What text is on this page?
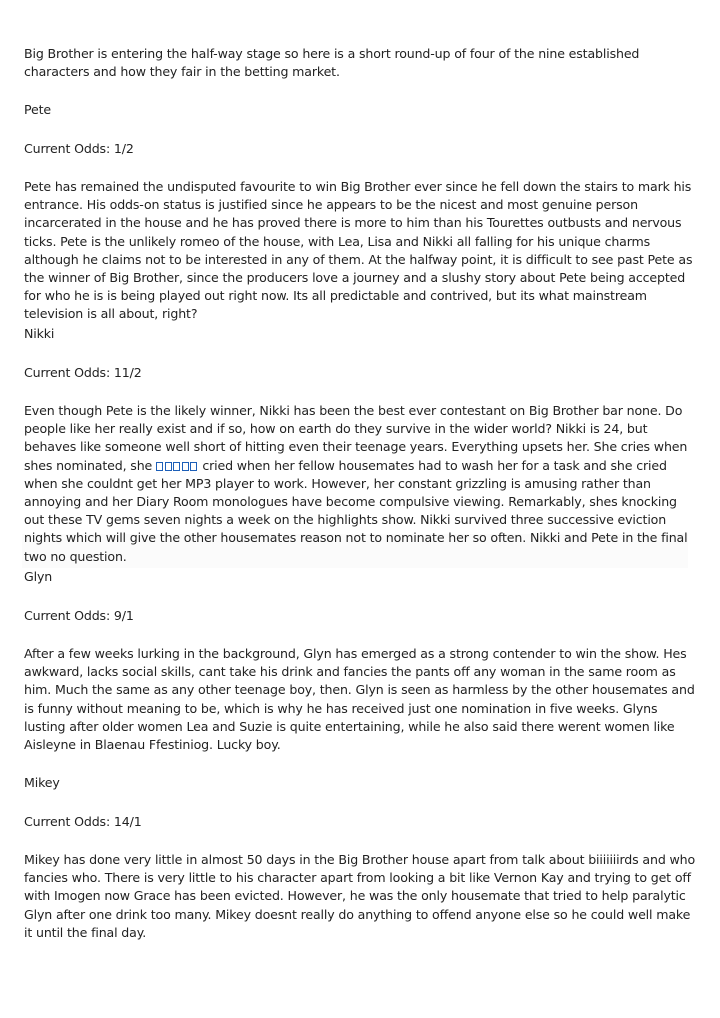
Big Brother is entering the half-way stage so here is a short round-up of four of the nine established characters and how they fair in the betting market.

Pete

Current Odds: 1/2

Pete has remained the undisputed favourite to win Big Brother ever since he fell down the stairs to mark his entrance. His odds-on status is justified since he appears to be the nicest and most genuine person incarcerated in the house and he has proved there is more to him than his Tourettes outbusts and nervous ticks. Pete is the unlikely romeo of the house, with Lea, Lisa and Nikki all falling for his unique charms although he claims not to be interested in any of them. At the halfway point, it is difficult to see past Pete as the winner of Big Brother, since the producers love a journey and a slushy story about Pete being accepted for who he is is being played out right now. Its all predictable and contrived, but its what mainstream television is all about, right?

Nikki

Current Odds: 11/2

Even though Pete is the likely winner, Nikki has been the best ever contestant on Big Brother bar none. Do people like her really exist and if so, how on earth do they survive in the wider world? Nikki is 24, but behaves like someone well short of hitting even their teenage years. Everything upsets her. She cries when shes nominated, she	cried when her fellow housemates had to wash her for a task and she cried when she couldnt get her MP3 player to work. However, her constant grizzling is amusing rather than annoying and her Diary Room monologues have become compulsive viewing. Remarkably, shes knocking out these TV gems seven nights a week on the highlights show. Nikki survived three successive eviction nights which will give the other housemates reason not to nominate her so often. Nikki and Pete in the final two no question.

Glyn

Current Odds: 9/1

After a few weeks lurking in the background, Glyn has emerged as a strong contender to win the show. Hes awkward, lacks social skills, cant take his drink and fancies the pants off any woman in the same room as him. Much the same as any other teenage boy, then. Glyn is seen as harmless by the other housemates and is funny without meaning to be, which is why he has received just one nomination in five weeks. Glyns lusting after older women Lea and Suzie is quite entertaining, while he also said there werent women like Aisleyne in Blaenau Ffestiniog. Lucky boy.

Mikey

Current Odds: 14/1

Mikey has done very little in almost 50 days in the Big Brother house apart from talk about biiiiiiirds and who fancies who. There is very little to his character apart from looking a bit like Vernon Kay and trying to get off with Imogen now Grace has been evicted. However, he was the only housemate that tried to help paralytic Glyn after one drink too many. Mikey doesnt really do anything to offend anyone else so he could well make it until the final day.
